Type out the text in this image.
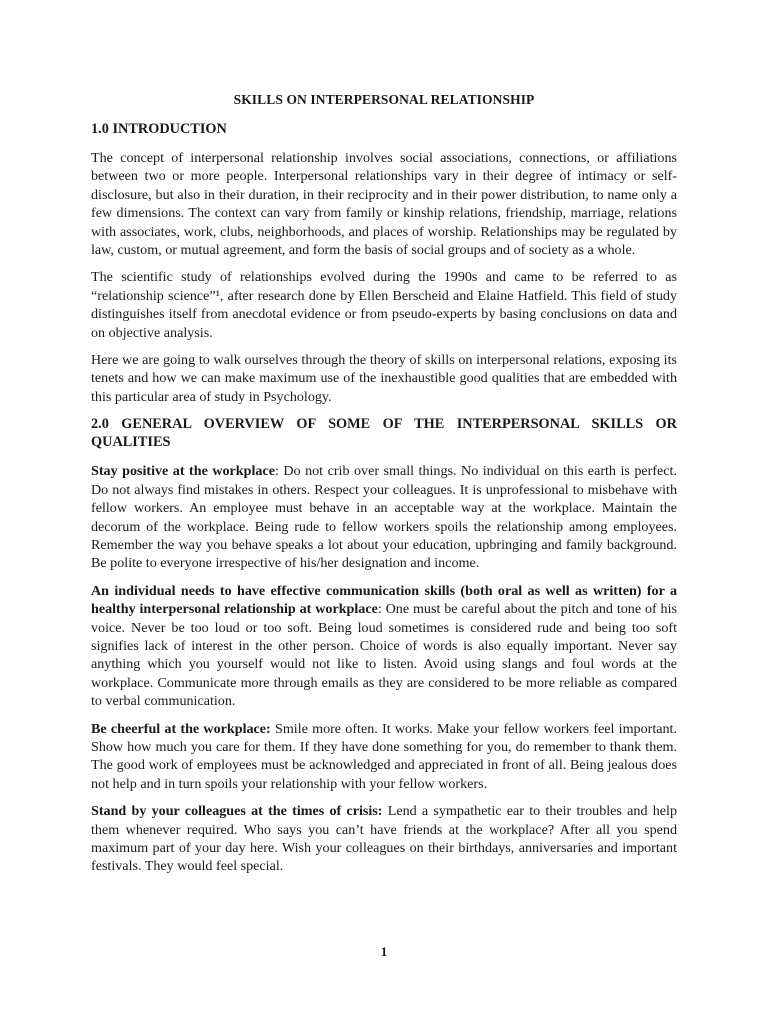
SKILLS ON INTERPERSONAL RELATIONSHIP
1.0 INTRODUCTION

The concept of interpersonal relationship involves social associations, connections, or affiliations between two or more people. Interpersonal relationships vary in their degree of intimacy or self-disclosure, but also in their duration, in their reciprocity and in their power distribution, to name only a few dimensions. The context can vary from family or kinship relations, friendship, marriage, relations with associates, work, clubs, neighborhoods, and places of worship. Relationships may be regulated by law, custom, or mutual agreement, and form the basis of social groups and of society as a whole.

The scientific study of relationships evolved during the 1990s and came to be referred to as “relationship science”¹, after research done by Ellen Berscheid and Elaine Hatfield. This field of study distinguishes itself from anecdotal evidence or from pseudo-experts by basing conclusions on data and on objective analysis.

Here we are going to walk ourselves through the theory of skills on interpersonal relations, exposing its tenets and how we can make maximum use of the inexhaustible good qualities that are embedded with this particular area of study in Psychology.

2.0 GENERAL OVERVIEW OF SOME OF THE INTERPERSONAL SKILLS OR QUALITIES

Stay positive at the workplace: Do not crib over small things. No individual on this earth is perfect. Do not always find mistakes in others. Respect your colleagues. It is unprofessional to misbehave with fellow workers. An employee must behave in an acceptable way at the workplace. Maintain the decorum of the workplace. Being rude to fellow workers spoils the relationship among employees. Remember the way you behave speaks a lot about your education, upbringing and family background. Be polite to everyone irrespective of his/her designation and income.

An individual needs to have effective communication skills (both oral as well as written) for a healthy interpersonal relationship at workplace: One must be careful about the pitch and tone of his voice. Never be too loud or too soft. Being loud sometimes is considered rude and being too soft signifies lack of interest in the other person. Choice of words is also equally important. Never say anything which you yourself would not like to listen. Avoid using slangs and foul words at the workplace. Communicate more through emails as they are considered to be more reliable as compared to verbal communication.

Be cheerful at the workplace: Smile more often. It works. Make your fellow workers feel important. Show how much you care for them. If they have done something for you, do remember to thank them. The good work of employees must be acknowledged and appreciated in front of all. Being jealous does not help and in turn spoils your relationship with your fellow workers.

Stand by your colleagues at the times of crisis: Lend a sympathetic ear to their troubles and help them whenever required. Who says you can’t have friends at the workplace? After all you spend maximum part of your day here. Wish your colleagues on their birthdays, anniversaries and important festivals. They would feel special.

1
